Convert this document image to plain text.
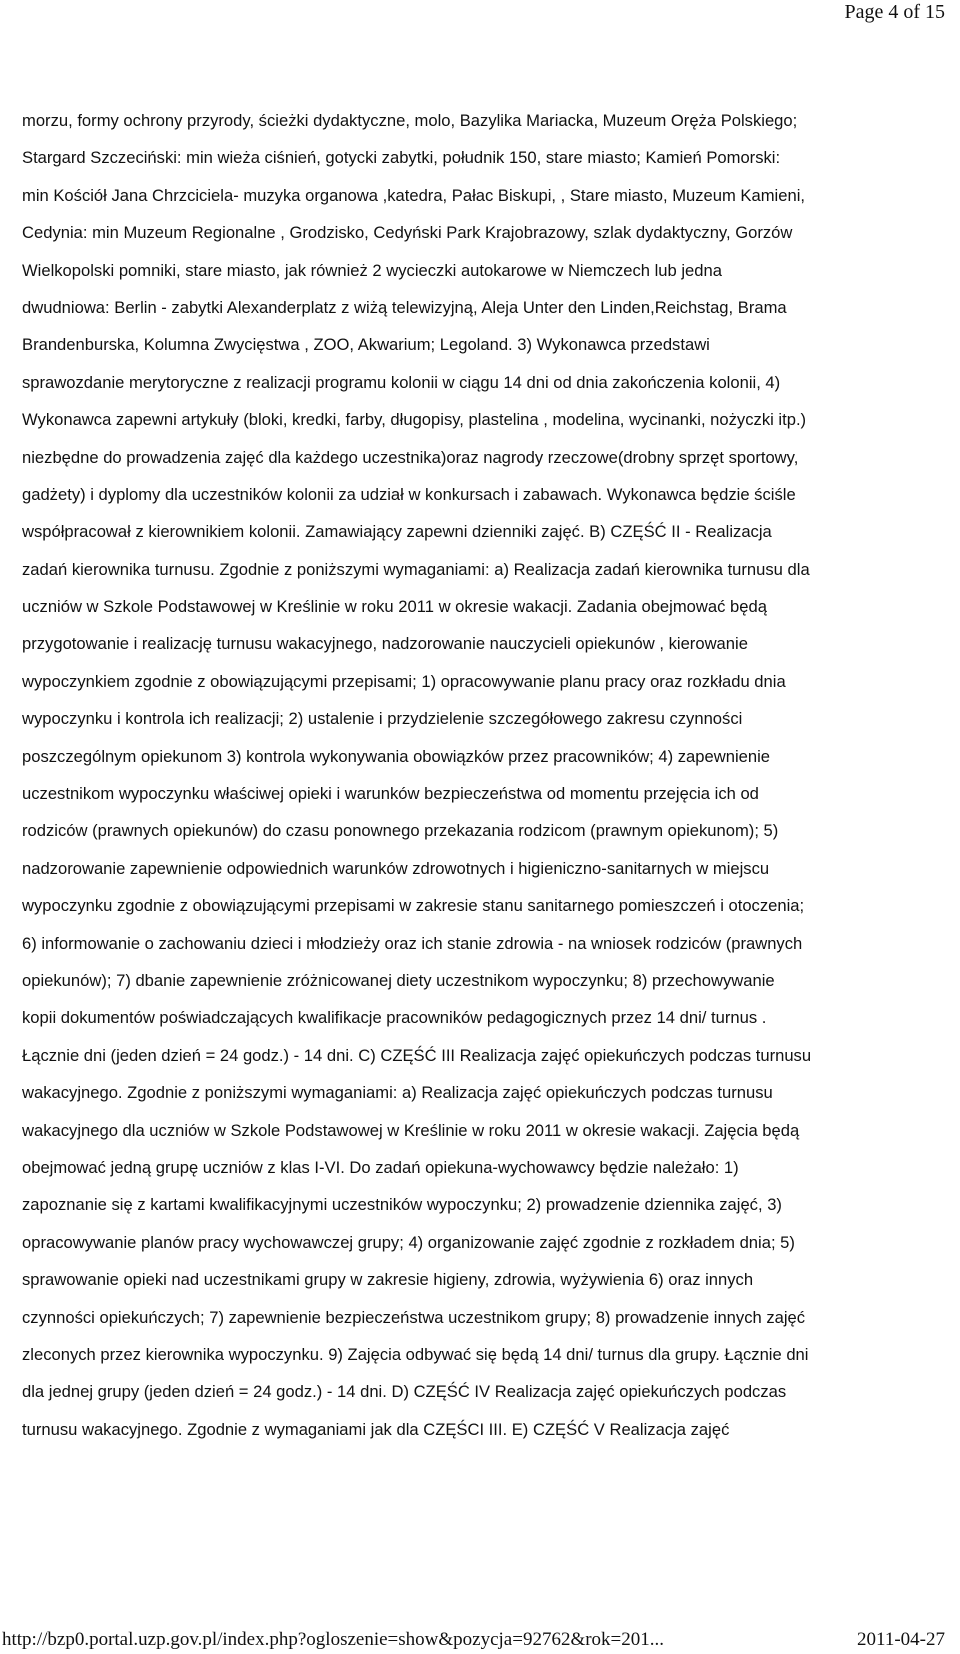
Page 4 of 15
morzu, formy ochrony przyrody, ścieżki dydaktyczne, molo, Bazylika Mariacka, Muzeum Oręża Polskiego;
Stargard Szczeciński: min wieża ciśnień, gotycki zabytki, południk 150, stare miasto; Kamień Pomorski:
min Kościół Jana Chrzciciela- muzyka organowa ,katedra, Pałac Biskupi, , Stare miasto, Muzeum Kamieni,
Cedynia: min Muzeum Regionalne , Grodzisko, Cedyński Park Krajobrazowy, szlak dydaktyczny, Gorzów
Wielkopolski pomniki, stare miasto, jak również 2 wycieczki autokarowe w Niemczech lub jedna
dwudniowa: Berlin - zabytki Alexanderplatz z wiżą telewizyjną, Aleja Unter den Linden,Reichstag, Brama
Brandenburska, Kolumna Zwycięstwa , ZOO, Akwarium; Legoland. 3) Wykonawca przedstawi
sprawozdanie merytoryczne z realizacji programu kolonii w ciągu 14 dni od dnia zakończenia kolonii, 4)
Wykonawca zapewni artykuły (bloki, kredki, farby, długopisy, plastelina , modelina, wycinanki, nożyczki itp.)
niezbędne do prowadzenia zajęć dla każdego uczestnika)oraz nagrody rzeczowe(drobny sprzęt sportowy,
gadżety) i dyplomy dla uczestników kolonii za udział w konkursach i zabawach. Wykonawca będzie ściśle
współpracował z kierownikiem kolonii. Zamawiający zapewni dzienniki zajęć. B) CZĘŚĆ II - Realizacja
zadań kierownika turnusu. Zgodnie z poniższymi wymaganiami: a) Realizacja zadań kierownika turnusu dla
uczniów w Szkole Podstawowej w Kreślinie w roku 2011 w okresie wakacji. Zadania obejmować będą
przygotowanie i realizację turnusu wakacyjnego, nadzorowanie nauczycieli opiekunów , kierowanie
wypoczynkiem zgodnie z obowiązującymi przepisami; 1) opracowywanie planu pracy oraz rozkładu dnia
wypoczynku i kontrola ich realizacji; 2) ustalenie i przydzielenie szczegółowego zakresu czynności
poszczególnym opiekunom 3) kontrola wykonywania obowiązków przez pracowników; 4) zapewnienie
uczestnikom wypoczynku właściwej opieki i warunków bezpieczeństwa od momentu przejęcia ich od
rodziców (prawnych opiekunów) do czasu ponownego przekazania rodzicom (prawnym opiekunom); 5)
nadzorowanie zapewnienie odpowiednich warunków zdrowotnych i higieniczno-sanitarnych w miejscu
wypoczynku zgodnie z obowiązującymi przepisami w zakresie stanu sanitarnego pomieszczeń i otoczenia;
6) informowanie o zachowaniu dzieci i młodzieży oraz ich stanie zdrowia - na wniosek rodziców (prawnych
opiekunów); 7) dbanie zapewnienie zróżnicowanej diety uczestnikom wypoczynku; 8) przechowywanie
kopii dokumentów poświadczających kwalifikacje pracowników pedagogicznych przez 14 dni/ turnus .
Łącznie dni (jeden dzień = 24 godz.) - 14 dni. C) CZĘŚĆ III Realizacja zajęć opiekuńczych podczas turnusu
wakacyjnego. Zgodnie z poniższymi wymaganiami: a) Realizacja zajęć opiekuńczych podczas turnusu
wakacyjnego dla uczniów w Szkole Podstawowej w Kreślinie w roku 2011 w okresie wakacji. Zajęcia będą
obejmować jedną grupę uczniów z klas I-VI. Do zadań opiekuna-wychowawcy będzie należało: 1)
zapoznanie się z kartami kwalifikacyjnymi uczestników wypoczynku; 2) prowadzenie dziennika zajęć, 3)
opracowywanie planów pracy wychowawczej grupy; 4) organizowanie zajęć zgodnie z rozkładem dnia; 5)
sprawowanie opieki nad uczestnikami grupy w zakresie higieny, zdrowia, wyżywienia 6) oraz innych
czynności opiekuńczych; 7) zapewnienie bezpieczeństwa uczestnikom grupy; 8) prowadzenie innych zajęć
zleconych przez kierownika wypoczynku. 9) Zajęcia odbywać się będą 14 dni/ turnus dla grupy. Łącznie dni
dla jednej grupy (jeden dzień = 24 godz.) - 14 dni. D) CZĘŚĆ IV Realizacja zajęć opiekuńczych podczas
turnusu wakacyjnego. Zgodnie z wymaganiami jak dla CZĘŚCI III. E) CZĘŚĆ V Realizacja zajęć
http://bzp0.portal.uzp.gov.pl/index.php?ogloszenie=show&pozycja=92762&rok=201...	2011-04-27
